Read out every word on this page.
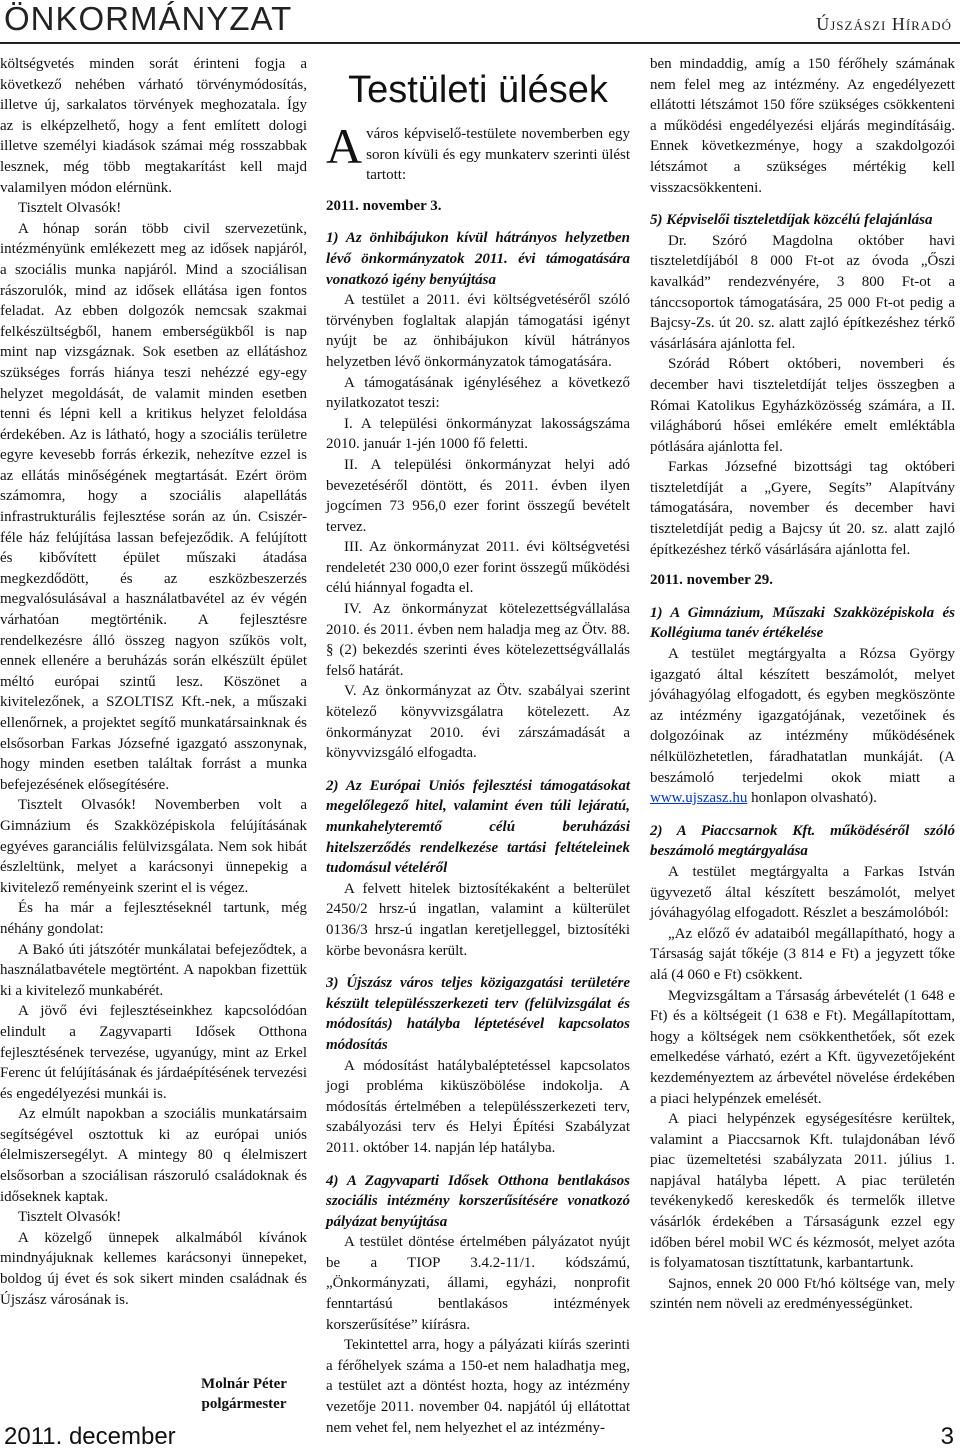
ÖNKORMÁNYZAT	Újszászi Híradó

költségvetés minden sorát érinteni fogja a következő nehében várható törvénymódosítás, illetve új, sarkalatos törvények meghozatala. Így az is elképzelhető, hogy a fent említett dologi illetve személyi kiadások számai még rosszabbak lesznek, még több megtakarítást kell majd valamilyen módon elérnünk.

Tisztelt Olvasók!

A hónap során több civil szervezetünk, intézményünk emlékezett meg az idősek napjáról, a szociális munka napjáról. Mind a szociálisan rászorulók, mind az idősek ellátása igen fontos feladat. Az ebben dolgozók nemcsak szakmai felkészültségből, hanem emberségükből is nap mint nap vizsgáznak. Sok esetben az ellátáshoz szükséges forrás hiánya teszi nehézzé egy-egy helyzet megoldását, de valamit minden esetben tenni és lépni kell a kritikus helyzet feloldása érdekében. Az is látható, hogy a szociális területre egyre kevesebb forrás érkezik, nehezítve ezzel is az ellátás minőségének megtartását. Ezért öröm számomra, hogy a szociális alapellátás infrastrukturális fejlesztése során az ún. Csiszér-féle ház felújítása lassan befejeződik. A felújított és kibővített épület műszaki átadása megkezdődött, és az eszközbeszerzés megvalósulásával a használatbavétel az év végén várhatóan megtörténik. A fejlesztésre rendelkezésre álló összeg nagyon szűkös volt, ennek ellenére a beruházás során elkészült épület méltó európai szintű lesz. Köszönet a kivitelezőnek, a SZOLTISZ Kft.-nek, a műszaki ellenőrnek, a projektet segítő munkatársainknak és elsősorban Farkas Józsefné igazgató asszonynak, hogy minden esetben találtak forrást a munka befejezésének elősegítésére.

Tisztelt Olvasók! Novemberben volt a Gimnázium és Szakközépiskola felújításának egyéves garanciális felülvizsgálata. Nem sok hibát észleltünk, melyet a karácsonyi ünnepekig a kivitelező reményeink szerint el is végez.

És ha már a fejlesztéseknél tartunk, még néhány gondolat:

A Bakó úti játszótér munkálatai befejeződtek, a használatbavétele megtörtént. A napokban fizettük ki a kivitelező munkabérét.

A jövő évi fejlesztéseinkhez kapcsolódóan elindult a Zagyvaparti Idősek Otthona fejlesztésének tervezése, ugyanúgy, mint az Erkel Ferenc út felújításának és járdaépítésének tervezési és engedélyezési munkái is.

Az elmúlt napokban a szociális munkatársaim segítségével osztottuk ki az európai uniós élelmiszersegélyt. A mintegy 80 q élelmiszert elsősorban a szociálisan rászoruló családoknak és időseknek kaptak.

Tisztelt Olvasók!

A közelgő ünnepek alkalmából kívánok mindnyájuknak kellemes karácsonyi ünnepeket, boldog új évet és sok sikert minden családnak és Újszász városának is.

Molnár Péter
polgármester
Testületi ülések

A város képviselő-testülete novemberben egy soron kívüli és egy munkaterv szerinti ülést tartott:

2011. november 3.

1) Az önhibájukon kívül hátrányos helyzetben lévő önkormányzatok 2011. évi támogatására vonatkozó igény benyújtása

A testület a 2011. évi költségvetéséről szóló törvényben foglaltak alapján támogatási igényt nyújt be az önhibájukon kívül hátrányos helyzetben lévő önkormányzatok támogatására.

A támogatásának igényléséhez a következő nyilatkozatot teszi:

I. A települési önkormányzat lakosságszáma 2010. január 1-jén 1000 fő feletti.

II. A települési önkormányzat helyi adó bevezetéséről döntött, és 2011. évben ilyen jogcímen 73 956,0 ezer forint összegű bevételt tervez.

III. Az önkormányzat 2011. évi költségvetési rendeletét 230 000,0 ezer forint összegű működési célú hiánnyal fogadta el.

IV. Az önkormányzat kötelezettségvállalása 2010. és 2011. évben nem haladja meg az Ötv. 88. § (2) bekezdés szerinti éves kötelezettségvállalás felső határát.

V. Az önkormányzat az Ötv. szabályai szerint kötelező könyvvizsgálatra kötelezett. Az önkormányzat 2010. évi zárszámadását a könyvvizsgáló elfogadta.

2) Az Európai Uniós fejlesztési támogatásokat megelőlegező hitel, valamint éven túli lejáratú, munkahelyteremtő célú beruházási hitelszerződés rendelkezése tartási feltételeinek tudomásul vételéről

A felvett hitelek biztosítékaként a belterület 2450/2 hrsz-ú ingatlan, valamint a külterület 0136/3 hrsz-ú ingatlan keretjelleggel, biztosítéki körbe bevonásra került.

3) Újszász város teljes közigazgatási területére készült településszerkezeti terv (felülvizsgálat és módosítás) hatályba léptetésével kapcsolatos módosítás

A módosítást hatálybaléptetéssel kapcsolatos jogi probléma kiküszöbölése indokolja. A módosítás értelmében a településszerkezeti terv, szabályozási terv és Helyi Építési Szabályzat 2011. október 14. napján lép hatályba.

4) A Zagyvaparti Idősek Otthona bentlakásos szociális intézmény korszerűsítésére vonatkozó pályázat benyújtása

A testület döntése értelmében pályázatot nyújt be a TIOP 3.4.2-11/1. kódszámú, „Önkormányzati, állami, egyházi, nonprofit fenntartású bentlakásos intézmények korszerűsítése” kiírásra.

Tekintettel arra, hogy a pályázati kiírás szerinti a férőhelyek száma a 150-et nem haladhatja meg, a testület azt a döntést hozta, hogy az intézmény vezetője 2011. november 04. napjától új ellátottat nem vehet fel, nem helyezhet el az intézmény-

ben mindaddig, amíg a 150 férőhely számának nem felel meg az intézmény. Az engedélyezett ellátotti létszámot 150 főre szükséges csökkenteni a működési engedélyezési eljárás megindításáig. Ennek következménye, hogy a szakdolgozói létszámot a szükséges mértékig kell visszacsökkenteni.

5) Képviselői tiszteletdíjak közcélú felajánlása

Dr. Szóró Magdolna október havi tiszteletdíjából 8 000 Ft-ot az óvoda „Őszi kavalkád” rendezvényére, 3 800 Ft-ot a tánccsoportok támogatására, 25 000 Ft-ot pedig a Bajcsy-Zs. út 20. sz. alatt zajló építkezéshez térkő vásárlására ajánlotta fel.

Szórád Róbert októberi, novemberi és december havi tiszteletdíját teljes összegben a Római Katolikus Egyházközösség számára, a II. világháború hősei emlékére emelt emléktábla pótlására ajánlotta fel.

Farkas Józsefné bizottsági tag októberi tiszteletdíját a „Gyere, Segíts” Alapítvány támogatására, november és december havi tiszteletdíját pedig a Bajcsy út 20. sz. alatt zajló építkezéshez térkő vásárlására ajánlotta fel.

2011. november 29.

1) A Gimnázium, Műszaki Szakközépiskola és Kollégiuma tanév értékelése

A testület megtárgyalta a Rózsa György igazgató által készített beszámolót, melyet jóváhagyólag elfogadott, és egyben megköszönte az intézmény igazgatójának, vezetőinek és dolgozóinak az intézmény működésének nélkülözhetetlen, fáradhatatlan munkáját. (A beszámoló terjedelmi okok miatt a www.ujszasz.hu honlapon olvasható).

2) A Piaccsarnok Kft. működéséről szóló beszámoló megtárgyalása

A testület megtárgyalta a Farkas István ügyvezető által készített beszámolót, melyet jóváhagyólag elfogadott. Részlet a beszámolóból:

„Az előző év adataiból megállapítható, hogy a Társaság saját tőkéje (3 814 e Ft) a jegyzett tőke alá (4 060 e Ft) csökkent.

Megvizsgáltam a Társaság árbevételét (1 648 e Ft) és a költségeit (1 638 e Ft). Megállapítottam, hogy a költségek nem csökkenthetőek, sőt ezek emelkedése várható, ezért a Kft. ügyvezetőjeként kezdeményeztem az árbevétel növelése érdekében a piaci helypénzek emelését.

A piaci helypénzek egységesítésre kerültek, valamint a Piaccsarnok Kft. tulajdonában lévő piac üzemeltetési szabályzata 2011. július 1. napjával hatályba lépett. A piac területén tevékenykedő kereskedők és termelők illetve vásárlók érdekében a Társaságunk ezzel egy időben bérel mobil WC és kézmosót, melyet azóta is folyamatosan tisztíttatunk, karbantartunk.

Sajnos, ennek 20 000 Ft/hó költsége van, mely szintén nem növeli az eredményességünket.

2011. december	3
